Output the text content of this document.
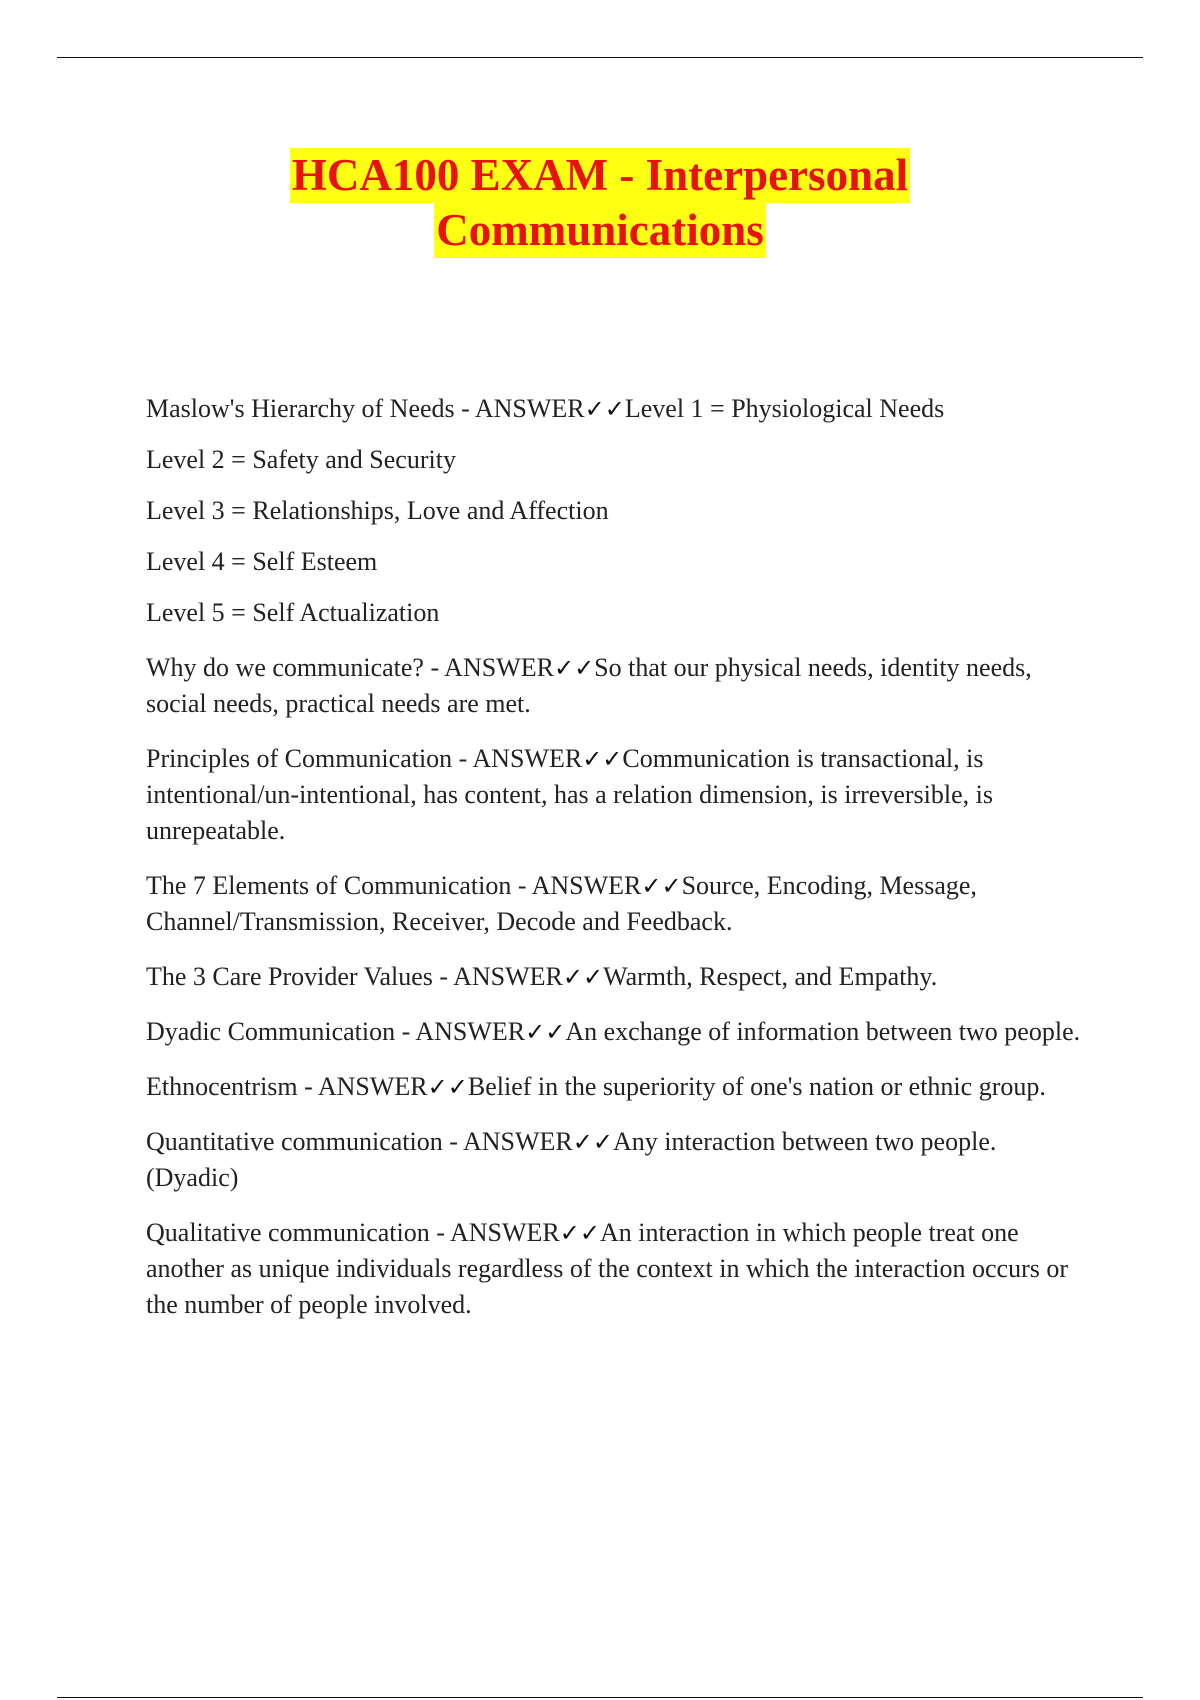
HCA100 EXAM - Interpersonal
Communications

Maslow's Hierarchy of Needs - ANSWER✓✓Level 1 = Physiological Needs

Level 2 = Safety and Security

Level 3 = Relationships, Love and Affection

Level 4 = Self Esteem

Level 5 = Self Actualization

Why do we communicate? - ANSWER✓✓So that our physical needs, identity needs, social needs, practical needs are met.

Principles of Communication - ANSWER✓✓Communication is transactional, is intentional/un-intentional, has content, has a relation dimension, is irreversible, is unrepeatable.

The 7 Elements of Communication - ANSWER✓✓Source, Encoding, Message, Channel/Transmission, Receiver, Decode and Feedback.

The 3 Care Provider Values - ANSWER✓✓Warmth, Respect, and Empathy.

Dyadic Communication - ANSWER✓✓An exchange of information between two people.

Ethnocentrism - ANSWER✓✓Belief in the superiority of one's nation or ethnic group.

Quantitative communication - ANSWER✓✓Any interaction between two people. (Dyadic)

Qualitative communication - ANSWER✓✓An interaction in which people treat one another as unique individuals regardless of the context in which the interaction occurs or the number of people involved.
